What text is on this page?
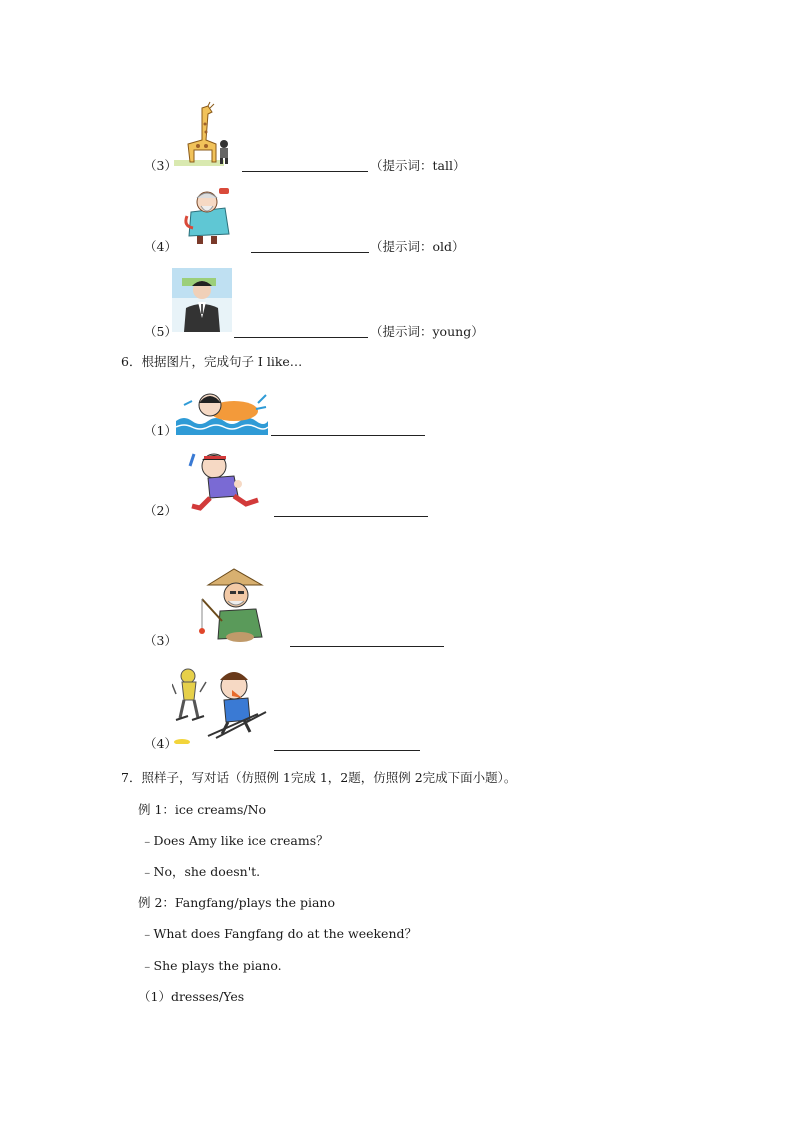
（3）	（提示词：tall）
（4）	（提示词：old）
（5）	（提示词：young）
6．根据图片，完成句子 I like…
（1）
（2）
（3）
（4）
7．照样子，写对话（仿照例 1完成 1，2题，仿照例 2完成下面小题）。
例 1：ice creams/No
﹣Does Amy like ice creams？
﹣No，she doesn't.
例 2：Fangfang/plays the piano
﹣What does Fangfang do at the weekend？
﹣She plays the piano.
（1）dresses/Yes
